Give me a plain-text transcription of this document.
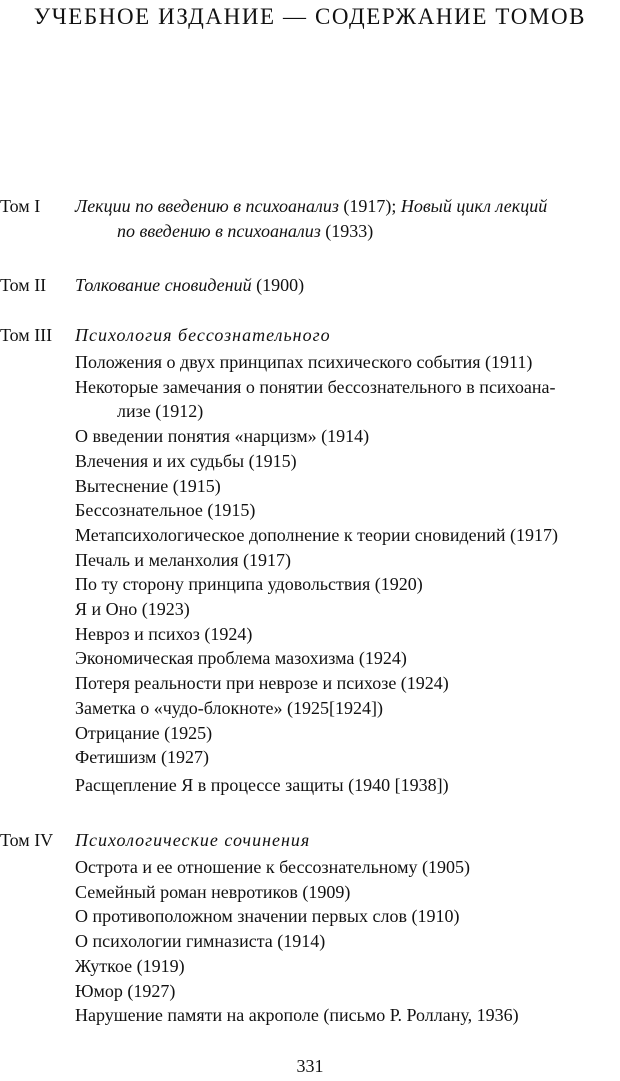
УЧЕБНОЕ ИЗДАНИЕ — СОДЕРЖАНИЕ ТОМОВ
Том I Лекции по введению в психоанализ (1917); Новый цикл лекций
по введению в психоанализ (1933)
Том II Толкование сновидений (1900)
Том III Психология бессознательного
Положения о двух принципах психического события (1911)
Некоторые замечания о понятии бессознательного в психоана-
лизе (1912)
О введении понятия «нарцизм» (1914)
Влечения и их судьбы (1915)
Вытеснение (1915)
Бессознательное (1915)
Метапсихологическое дополнение к теории сновидений (1917)
Печаль и меланхолия (1917)
По ту сторону принципа удовольствия (1920)
Я и Оно (1923)
Невроз и психоз (1924)
Экономическая проблема мазохизма (1924)
Потеря реальности при неврозе и психозе (1924)
Заметка о «чудо-блокноте» (1925[1924])
Отрицание (1925)
Фетишизм (1927)
Расщепление Я в процессе защиты (1940 [1938])
Том IV Психологические сочинения
Острота и ее отношение к бессознательному (1905)
Семейный роман невротиков (1909)
О противоположном значении первых слов (1910)
О психологии гимназиста (1914)
Жуткое (1919)
Юмор (1927)
Нарушение памяти на акрополе (письмо Р. Роллану, 1936)
331
